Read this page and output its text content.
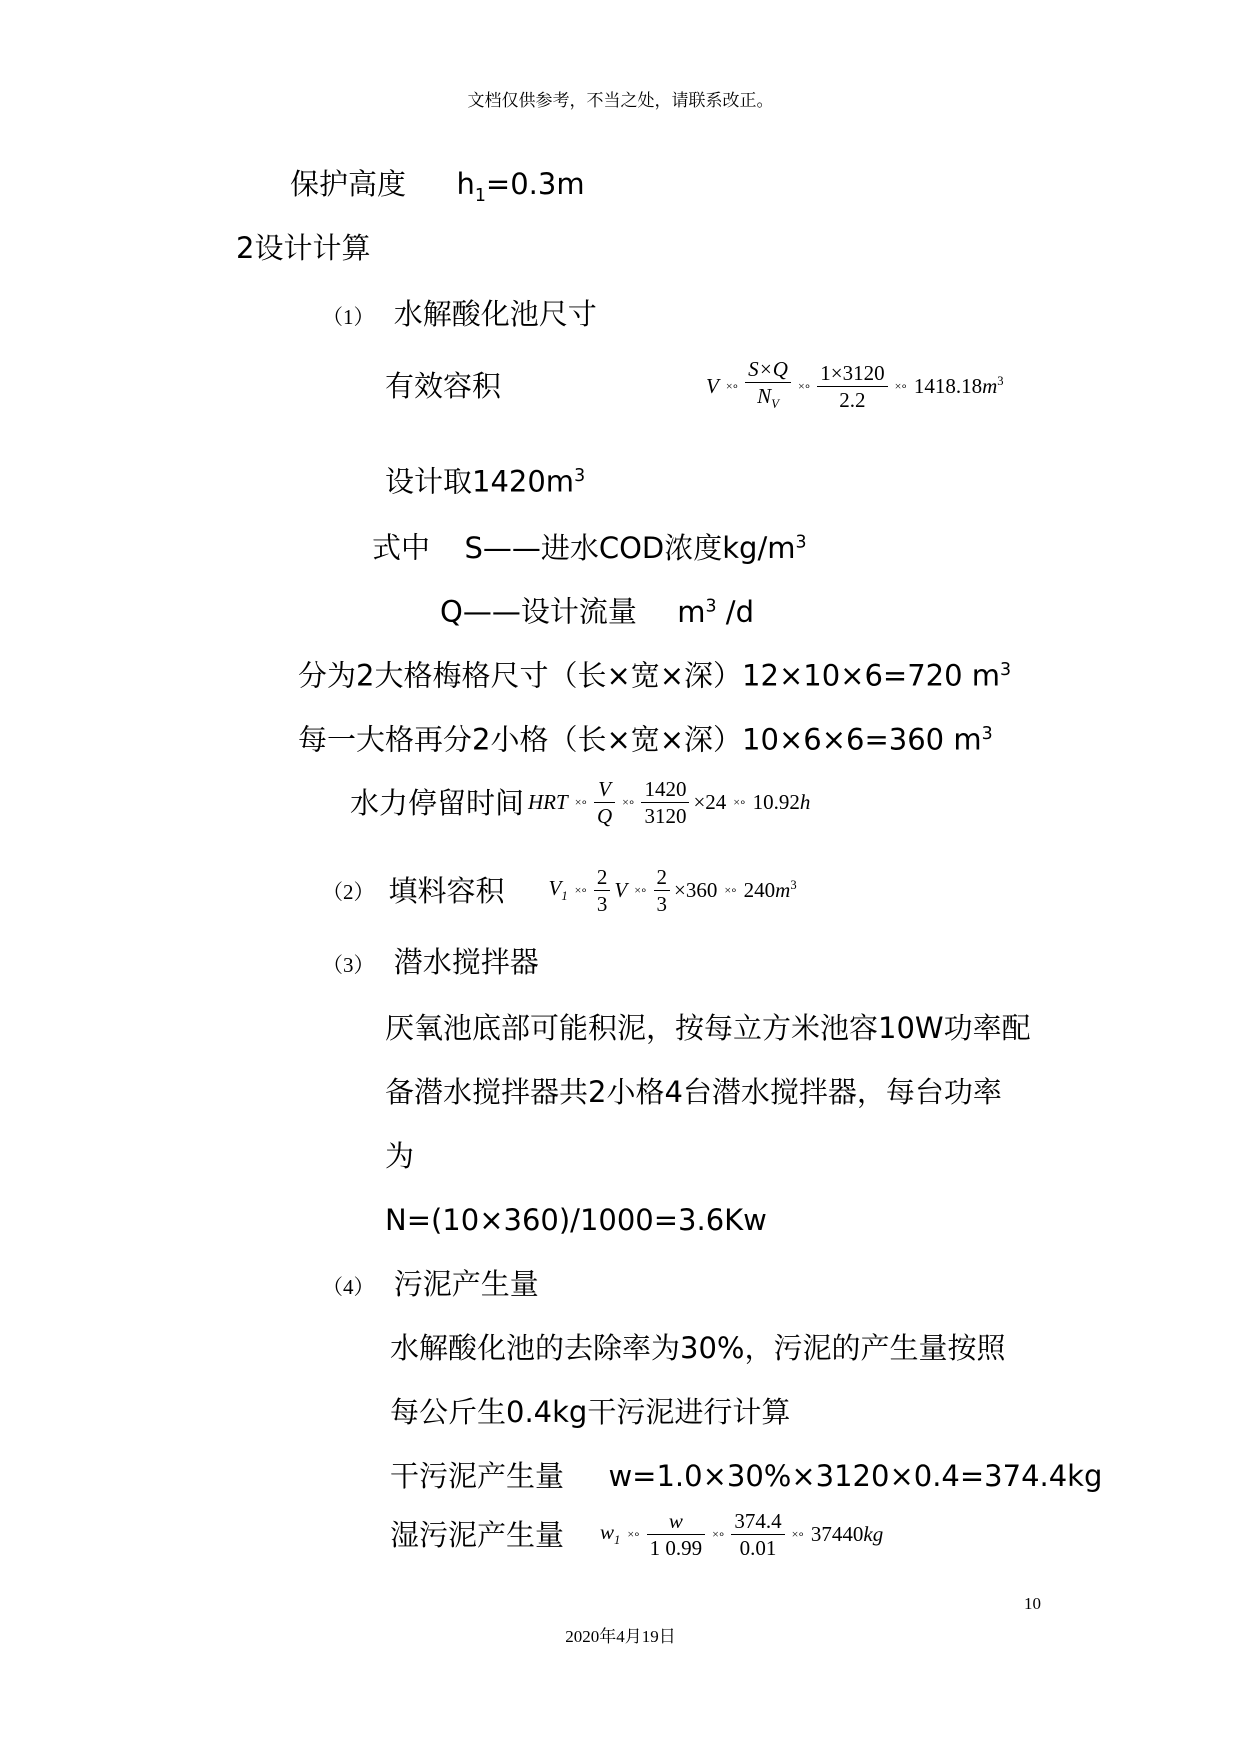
文档仅供参考，不当之处，请联系改正。
保护高度 $h_1=0.3m$
2设计计算
（1） 水解酸化池尺寸
有效容积	V ×∘ $\frac{S\times Q}{N_V}$ ×∘ $\frac{1\times 3120}{2.2}$ ×∘ $1418.18m^3$
设计取$1420m^3$
式中 S——进水COD浓度$kg/m^3$
Q——设计流量 $m^3$ /d
分为2大格梅格尺寸（长×宽×深）12×10×6=720 $m^3$
每一大格再分2小格（长×宽×深）10×6×6=360 $m^3$
水力停留时间 HRT ×∘ $\frac{V}{Q}$ ×∘ $\frac{1420}{3120} \times 24$ ×∘ 10.92h
（2） 填料容积 $V_1$ ×∘ $\frac{2}{3}$ V ×∘ $\frac{2}{3} \times 360$ ×∘ $240m^3$
（3） 潜水搅拌器
厌氧池底部可能积泥，按每立方米池容10W功率配
备潜水搅拌器共2小格4台潜水搅拌器，每台功率
为
N=(10×360)/1000=3.6Kw
（4） 污泥产生量
水解酸化池的去除率为30%，污泥的产生量按照
每公斤生0.4kg干污泥进行计算
干污泥产生量 w=1.0×30%×3120×0.4=374.4kg
湿污泥产生量 $w_1$ ×∘ $\frac{w}{1 0.99}$ ×∘ $\frac{374.4}{0.01}$ ×∘ 37440kg
10
2020年4月19日
